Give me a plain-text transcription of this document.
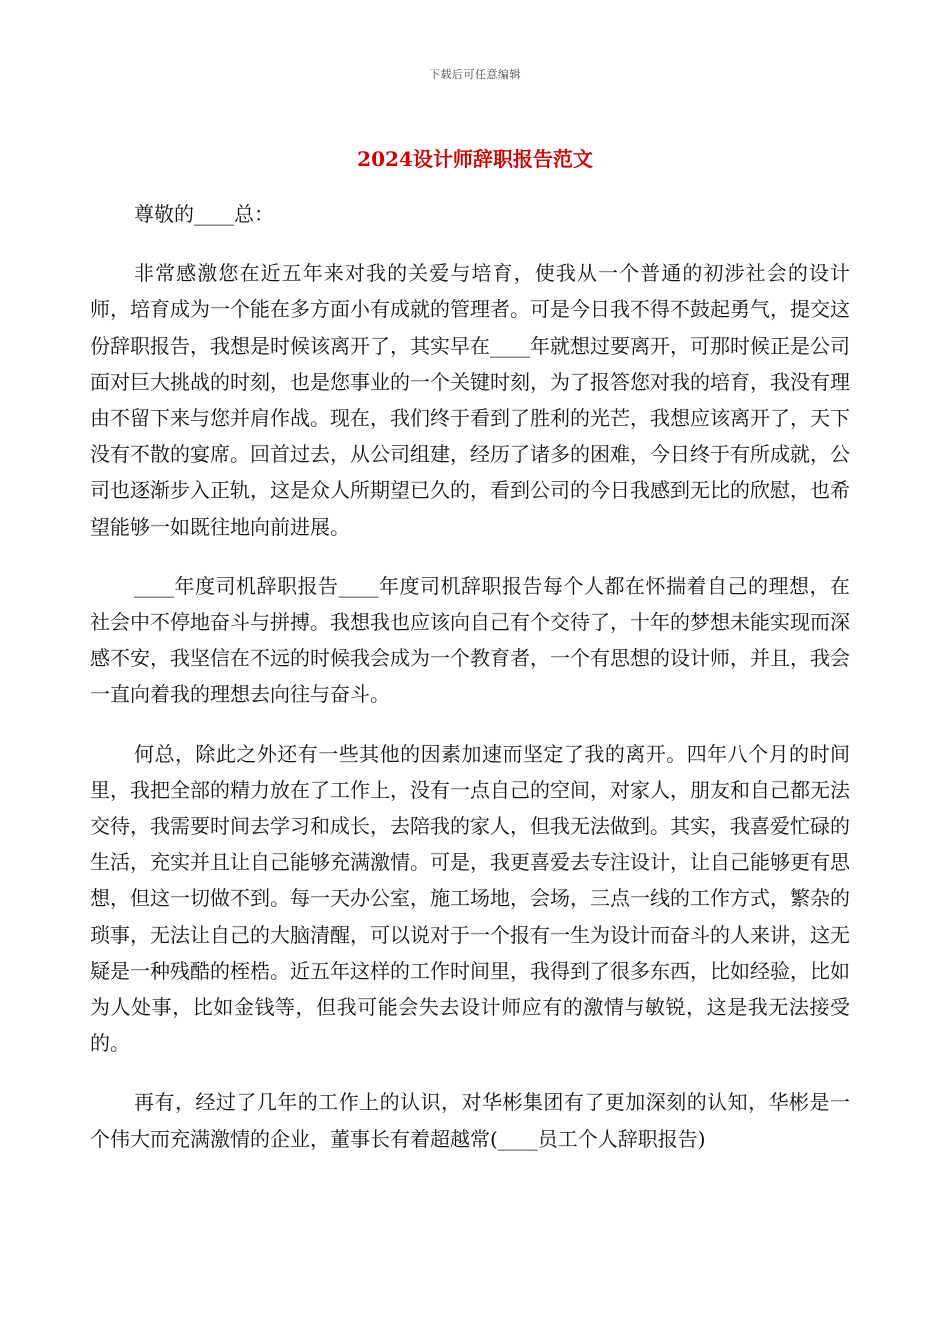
下载后可任意编辑
2024设计师辞职报告范文

尊敬的____总：

非常感激您在近五年来对我的关爱与培育，使我从一个普通的初涉社会的设计师，培育成为一个能在多方面小有成就的管理者。可是今日我不得不鼓起勇气，提交这份辞职报告，我想是时候该离开了，其实早在____年就想过要离开，可那时候正是公司面对巨大挑战的时刻，也是您事业的一个关键时刻，为了报答您对我的培育，我没有理由不留下来与您并肩作战。现在，我们终于看到了胜利的光芒，我想应该离开了，天下没有不散的宴席。回首过去，从公司组建，经历了诸多的困难，今日终于有所成就，公司也逐渐步入正轨，这是众人所期望已久的，看到公司的今日我感到无比的欣慰，也希望能够一如既往地向前进展。

____年度司机辞职报告____年度司机辞职报告每个人都在怀揣着自己的理想，在社会中不停地奋斗与拼搏。我想我也应该向自己有个交待了，十年的梦想未能实现而深感不安，我坚信在不远的时候我会成为一个教育者，一个有思想的设计师，并且，我会一直向着我的理想去向往与奋斗。

何总，除此之外还有一些其他的因素加速而坚定了我的离开。四年八个月的时间里，我把全部的精力放在了工作上，没有一点自己的空间，对家人，朋友和自己都无法交待，我需要时间去学习和成长，去陪我的家人，但我无法做到。其实，我喜爱忙碌的生活，充实并且让自己能够充满激情。可是，我更喜爱去专注设计，让自己能够更有思想，但这一切做不到。每一天办公室，施工场地，会场，三点一线的工作方式，繁杂的琐事，无法让自己的大脑清醒，可以说对于一个报有一生为设计而奋斗的人来讲，这无疑是一种残酷的桎梏。近五年这样的工作时间里，我得到了很多东西，比如经验，比如为人处事，比如金钱等，但我可能会失去设计师应有的激情与敏锐，这是我无法接受的。

再有，经过了几年的工作上的认识，对华彬集团有了更加深刻的认知，华彬是一个伟大而充满激情的企业，董事长有着超越常(____员工个人辞职报告)
